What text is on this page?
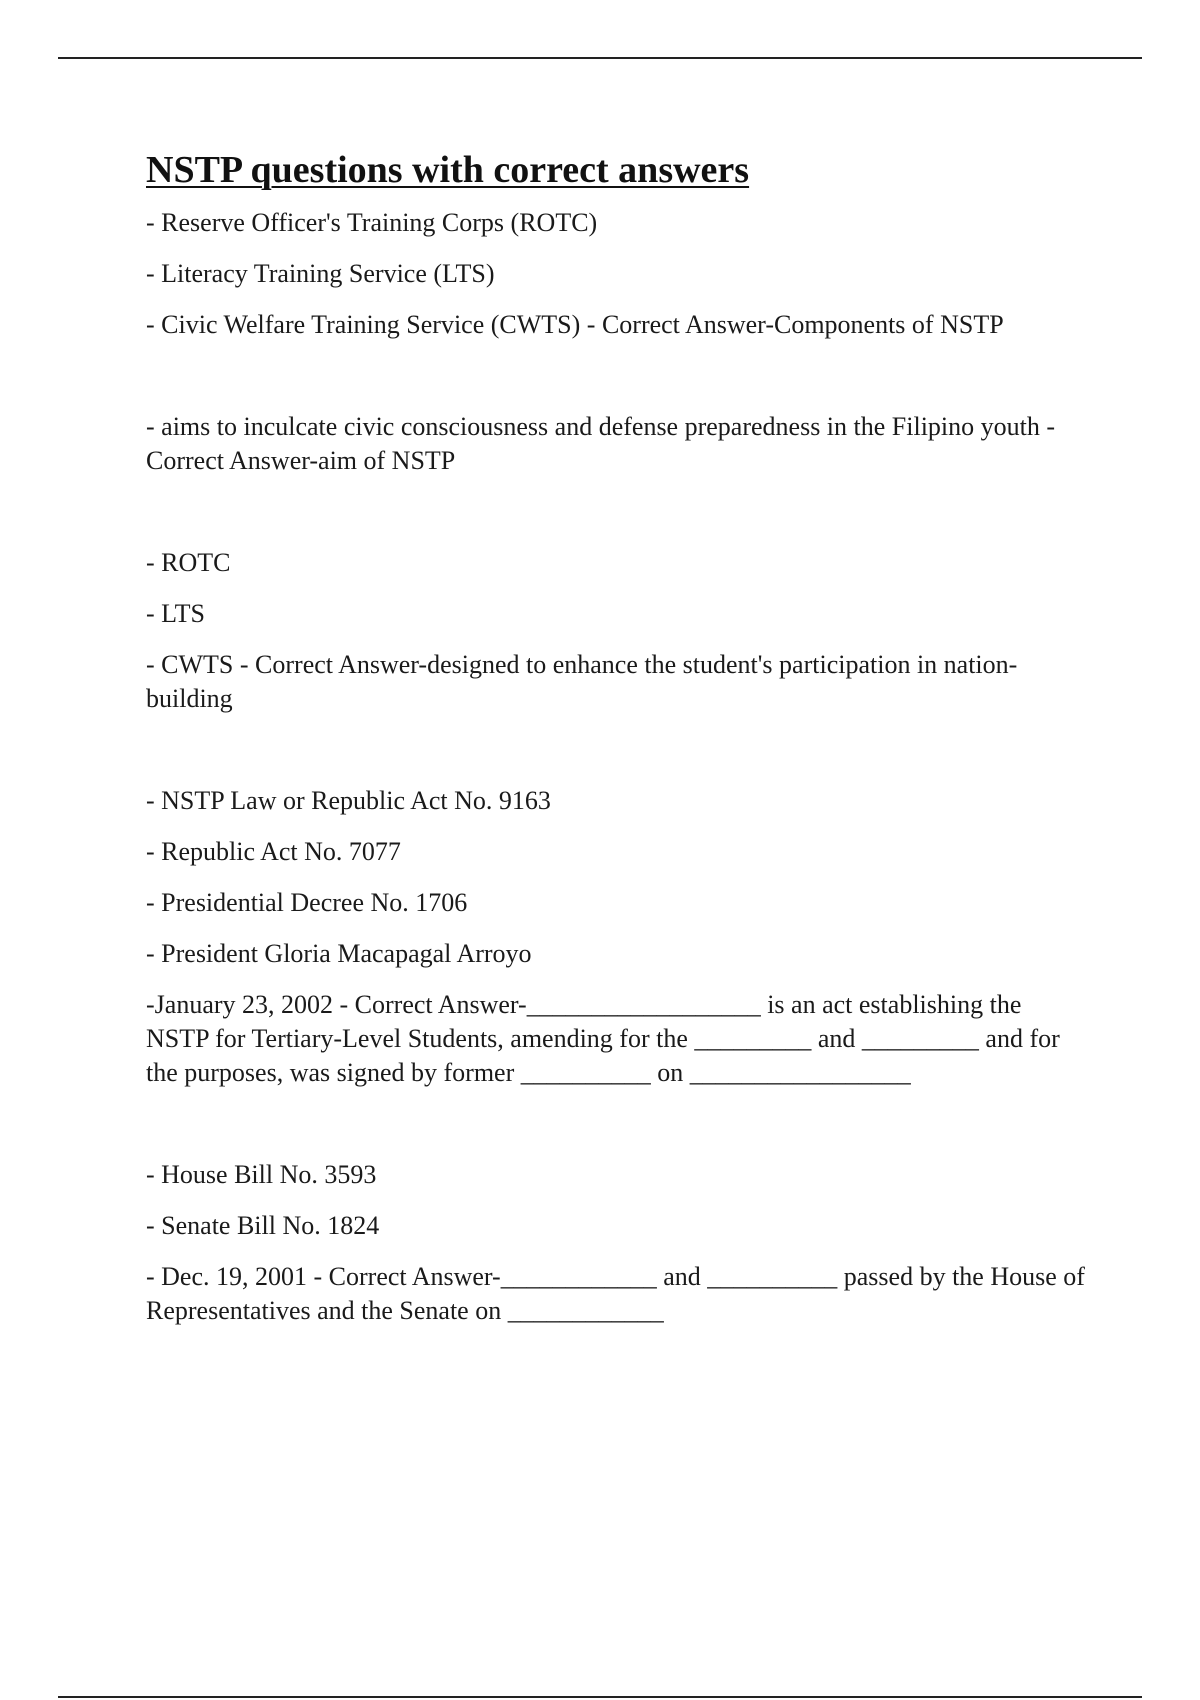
NSTP questions with correct answers

- Reserve Officer's Training Corps (ROTC)

- Literacy Training Service (LTS)

- Civic Welfare Training Service (CWTS) - Correct Answer-Components of NSTP

- aims to inculcate civic consciousness and defense preparedness in the Filipino youth - Correct Answer-aim of NSTP

- ROTC

- LTS

- CWTS - Correct Answer-designed to enhance the student's participation in nation-building

- NSTP Law or Republic Act No. 9163

- Republic Act No. 7077

- Presidential Decree No. 1706

- President Gloria Macapagal Arroyo

-January 23, 2002 - Correct Answer-__________________ is an act establishing the NSTP for Tertiary-Level Students, amending for the _________ and _________ and for the purposes, was signed by former __________ on _________________

- House Bill No. 3593

- Senate Bill No. 1824

- Dec. 19, 2001 - Correct Answer-____________ and __________ passed by the House of Representatives and the Senate on ____________
